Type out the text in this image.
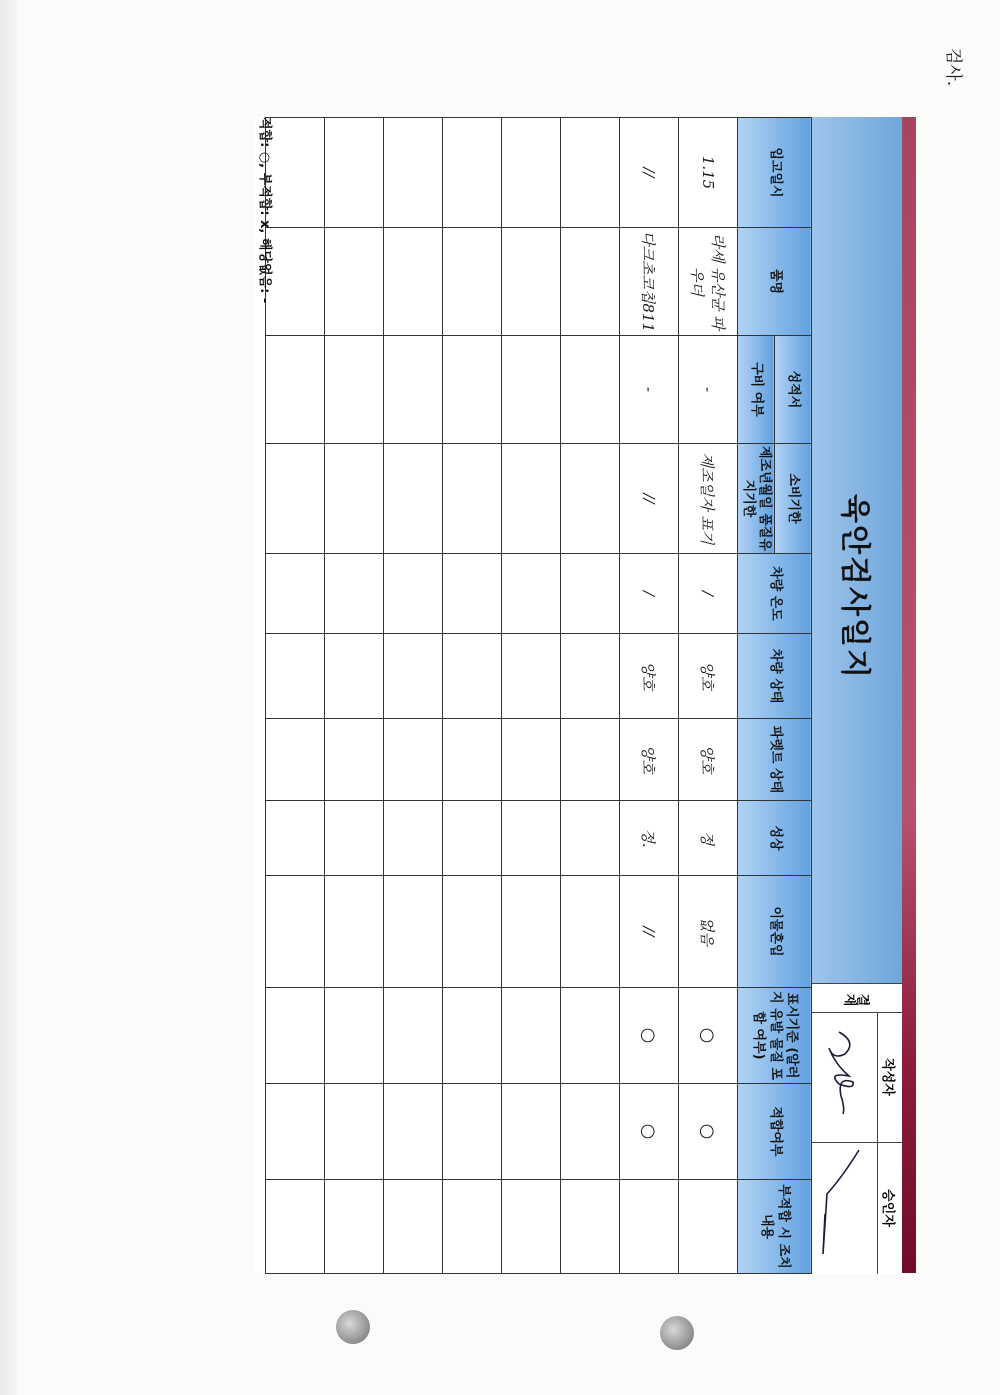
검사.
육안검사일지
결재
작성자
승인자
입고일시	품명	성적서	소비기한	차량 온도	차량 상태	파렛트 상태	성상	이물혼입	표시기준 (알러지 유발 물질 포함 여부)	적합여부	부적합 시 조치 내용
		구비 여부	제조년월일 품질유지기한								
1.15	라세 유산균 파우더	-	제조일자 표기	/	양호	양호	정	없음	○	○	
//	다크초코칩811	-	//	/	양호	양호	정.	//	○	○	

적합: ○, 부적합: x, 해당없음: -
